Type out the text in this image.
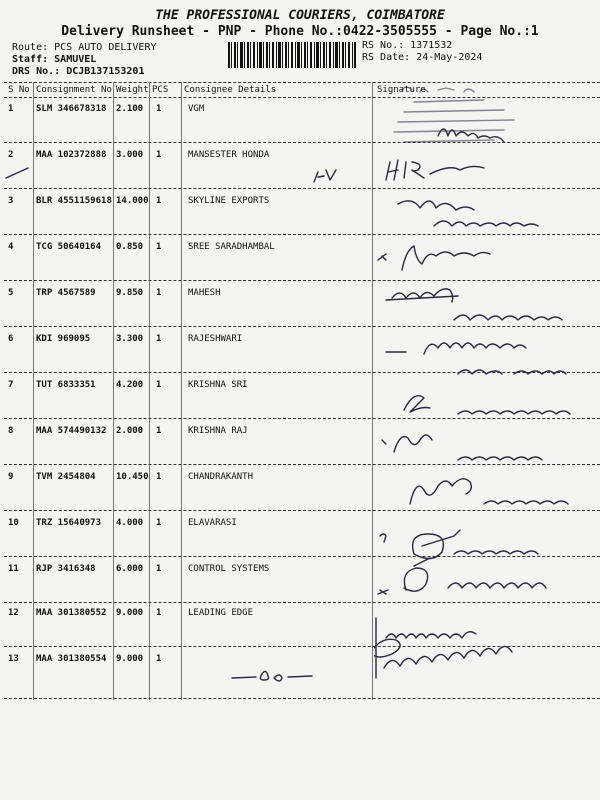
THE PROFESSIONAL COURIERS, COIMBATORE
Delivery Runsheet - PNP - Phone No.:0422-3505555 - Page No.:1
Route: PCS AUTO DELIVERY
Staff: SAMUVEL
DRS No.: DCJB137153201
RS No.: 1371532
RS Date: 24-May-2024
S No Consignment No Weight PCS Consignee Details	Signature
1	SLM 346678318 2.100 1	VGM
2	MAA 102372888 3.000 1	MANSESTER HONDA
3	BLR 4551159618 14.000 1	SKYLINE EXPORTS
4	TCG 50640164 0.850 1	SREE SARADHAMBAL
5	TRP 4567589 9.850 1	MAHESH
6	KDI 969095	3.300 1	RAJESHWARI
7	TUT 6833351 4.200 1	KRISHNA SRI
8	MAA 574490132 2.000 1	KRISHNA RAJ
9	TVM 2454804 10.450 1	CHANDRAKANTH
10 TRZ 15640973 4.000 1	ELAVARASI
11 RJP 3416348 6.000 1	CONTROL SYSTEMS
12 MAA 301380552 9.000 1	LEADING EDGE
13 MAA 301380554 9.000 1
